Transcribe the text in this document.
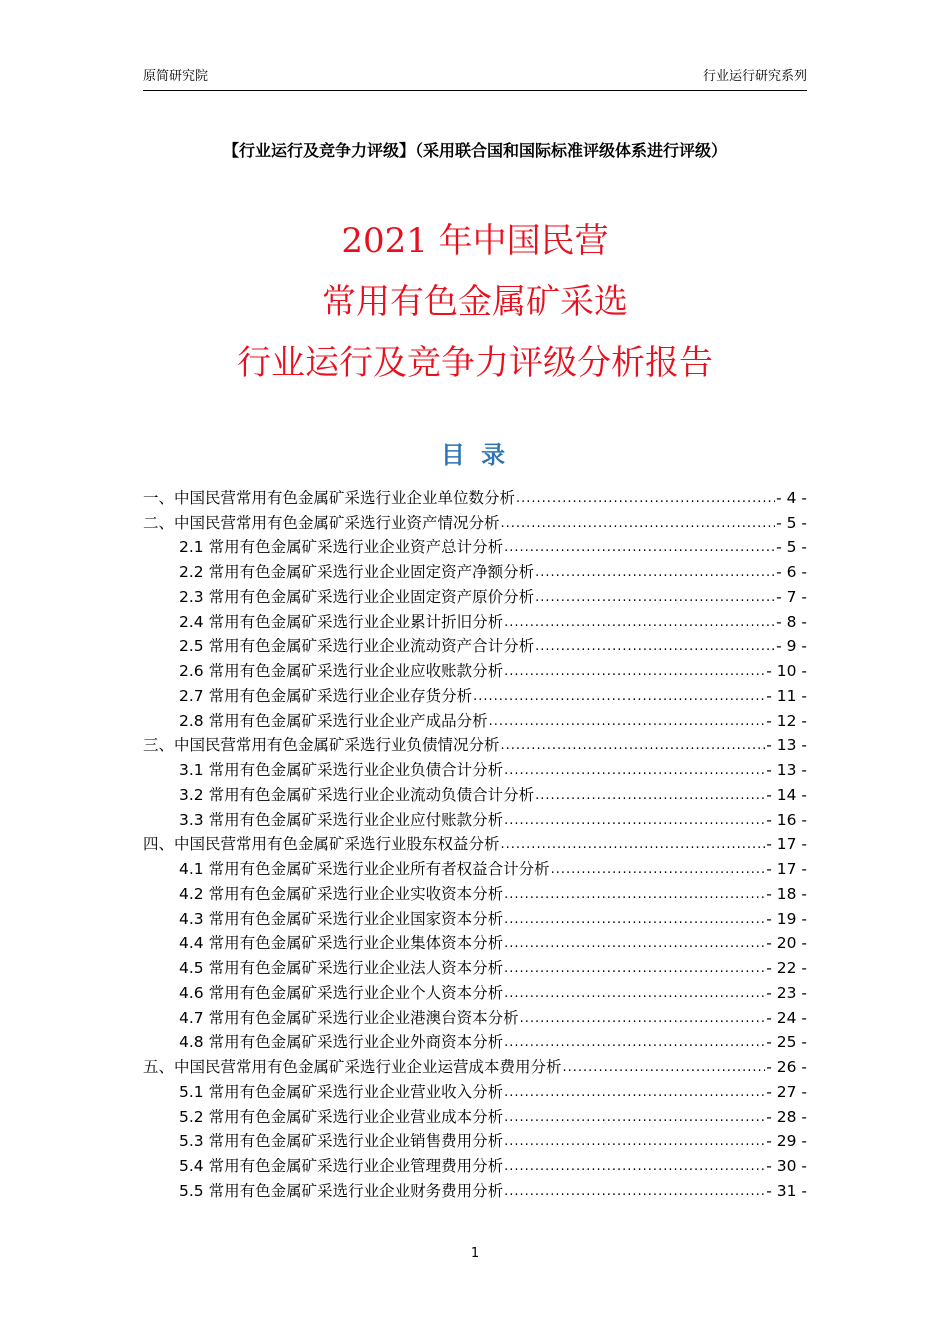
原简研究院	行业运行研究系列
【行业运行及竞争力评级】（采用联合国和国际标准评级体系进行评级）
2021 年中国民营
常用有色金属矿采选
行业运行及竞争力评级分析报告
目 录
一、中国民营常用有色金属矿采选行业企业单位数分析 .....	- 4 -
二、中国民营常用有色金属矿采选行业资产情况分析 .....	- 5 -
2.1 常用有色金属矿采选行业企业资产总计分析 .....	- 5 -
2.2 常用有色金属矿采选行业企业固定资产净额分析 .....	- 6 -
2.3 常用有色金属矿采选行业企业固定资产原价分析 .....	- 7 -
2.4 常用有色金属矿采选行业企业累计折旧分析 .....	- 8 -
2.5 常用有色金属矿采选行业企业流动资产合计分析 .....	- 9 -
2.6 常用有色金属矿采选行业企业应收账款分析 .....	- 10 -
2.7 常用有色金属矿采选行业企业存货分析 .....	- 11 -
2.8 常用有色金属矿采选行业企业产成品分析 .....	- 12 -
三、中国民营常用有色金属矿采选行业负债情况分析 .....	- 13 -
3.1 常用有色金属矿采选行业企业负债合计分析 .....	- 13 -
3.2 常用有色金属矿采选行业企业流动负债合计分析 .....	- 14 -
3.3 常用有色金属矿采选行业企业应付账款分析 .....	- 16 -
四、中国民营常用有色金属矿采选行业股东权益分析 .....	- 17 -
4.1 常用有色金属矿采选行业企业所有者权益合计分析 .....	- 17 -
4.2 常用有色金属矿采选行业企业实收资本分析 .....	- 18 -
4.3 常用有色金属矿采选行业企业国家资本分析 .....	- 19 -
4.4 常用有色金属矿采选行业企业集体资本分析 .....	- 20 -
4.5 常用有色金属矿采选行业企业法人资本分析 .....	- 22 -
4.6 常用有色金属矿采选行业企业个人资本分析 .....	- 23 -
4.7 常用有色金属矿采选行业企业港澳台资本分析 .....	- 24 -
4.8 常用有色金属矿采选行业企业外商资本分析 .....	- 25 -
五、中国民营常用有色金属矿采选行业企业运营成本费用分析 .....	- 26 -
5.1 常用有色金属矿采选行业企业营业收入分析 .....	- 27 -
5.2 常用有色金属矿采选行业企业营业成本分析 .....	- 28 -
5.3 常用有色金属矿采选行业企业销售费用分析 .....	- 29 -
5.4 常用有色金属矿采选行业企业管理费用分析 .....	- 30 -
5.5 常用有色金属矿采选行业企业财务费用分析 .....	- 31 -
1
